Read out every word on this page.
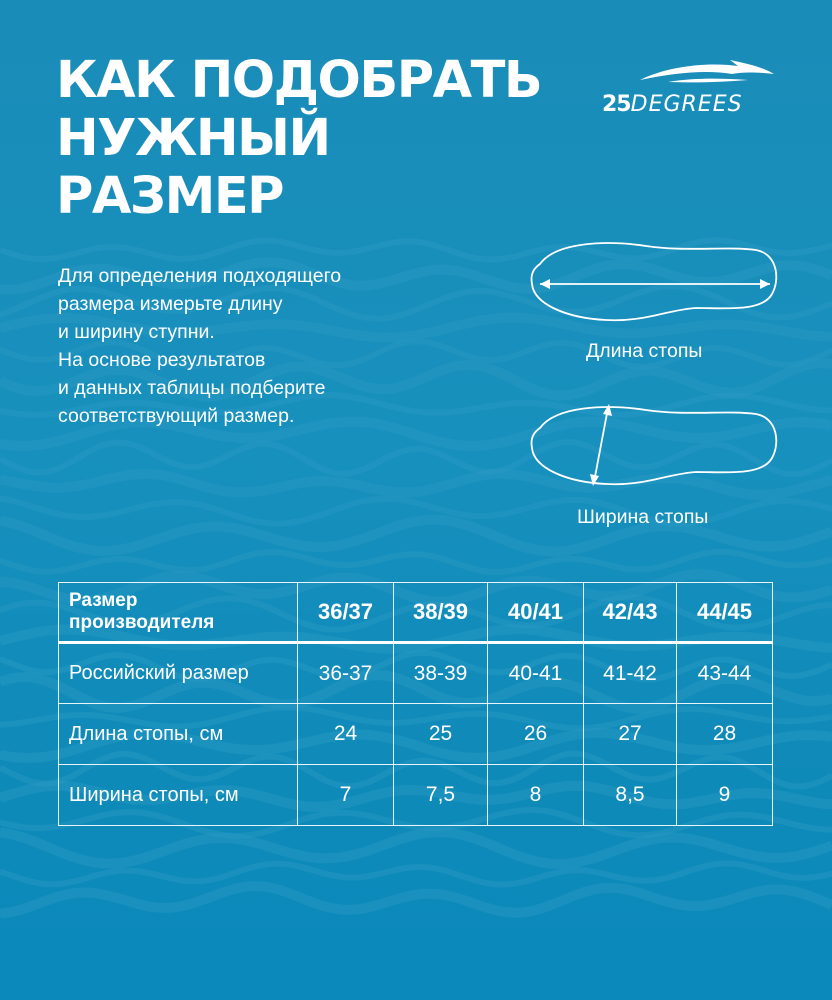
КАК ПОДОБРАТЬ
НУЖНЫЙ
РАЗМЕР
25DEGREES
Для определения подходящего
размера измерьте длину
и ширину ступни.
На основе результатов
и данных таблицы подберите
соответствующий размер.
Длина стопы
Ширина стопы
Размер
производителя	36/37	38/39	40/41	42/43	44/45
Российский размер	36-37	38-39	40-41	41-42	43-44
Длина стопы, см	24	25	26	27	28
Ширина стопы, см	7	7,5	8	8,5	9
